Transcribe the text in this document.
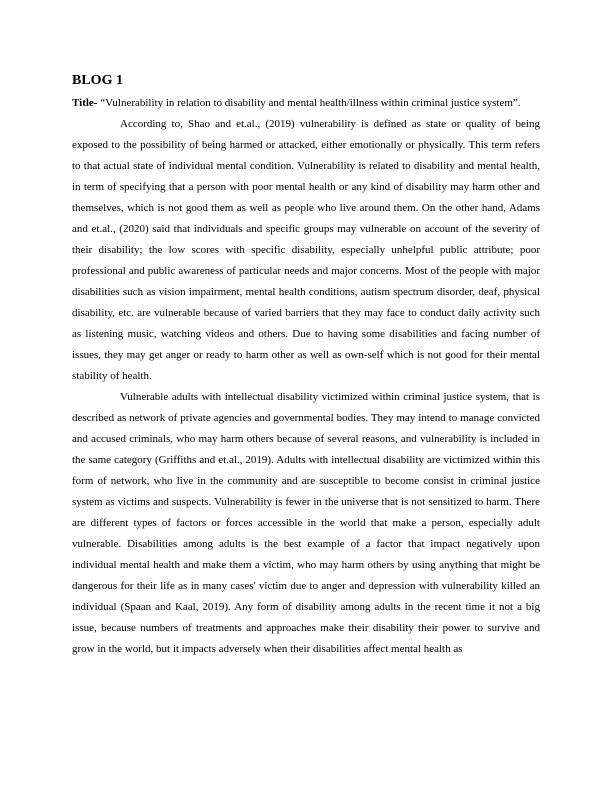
BLOG 1

Title- “Vulnerability in relation to disability and mental health/illness within criminal justice system”.

According to, Shao and et.al., (2019) vulnerability is defined as state or quality of being exposed to the possibility of being harmed or attacked, either emotionally or physically. This term refers to that actual state of individual mental condition. Vulnerability is related to disability and mental health, in term of specifying that a person with poor mental health or any kind of disability may harm other and themselves, which is not good them as well as people who live around them. On the other hand, Adams and et.al., (2020) said that individuals and specific groups may vulnerable on account of the severity of their disability; the low scores with specific disability, especially unhelpful public attribute; poor professional and public awareness of particular needs and major concerns. Most of the people with major disabilities such as vision impairment, mental health conditions, autism spectrum disorder, deaf, physical disability, etc. are vulnerable because of varied barriers that they may face to conduct daily activity such as listening music, watching videos and others. Due to having some disabilities and facing number of issues, they may get anger or ready to harm other as well as own-self which is not good for their mental stability of health.

Vulnerable adults with intellectual disability victimized within criminal justice system, that is described as network of private agencies and governmental bodies. They may intend to manage convicted and accused criminals, who may harm others because of several reasons, and vulnerability is included in the same category (Griffiths and et.al., 2019). Adults with intellectual disability are victimized within this form of network, who live in the community and are susceptible to become consist in criminal justice system as victims and suspects. Vulnerability is fewer in the universe that is not sensitized to harm. There are different types of factors or forces accessible in the world that make a person, especially adult vulnerable. Disabilities among adults is the best example of a factor that impact negatively upon individual mental health and make them a victim, who may harm others by using anything that might be dangerous for their life as in many cases' victim due to anger and depression with vulnerability killed an individual (Spaan and Kaal, 2019). Any form of disability among adults in the recent time it not a big issue, because numbers of treatments and approaches make their disability their power to survive and grow in the world, but it impacts adversely when their disabilities affect mental health as
